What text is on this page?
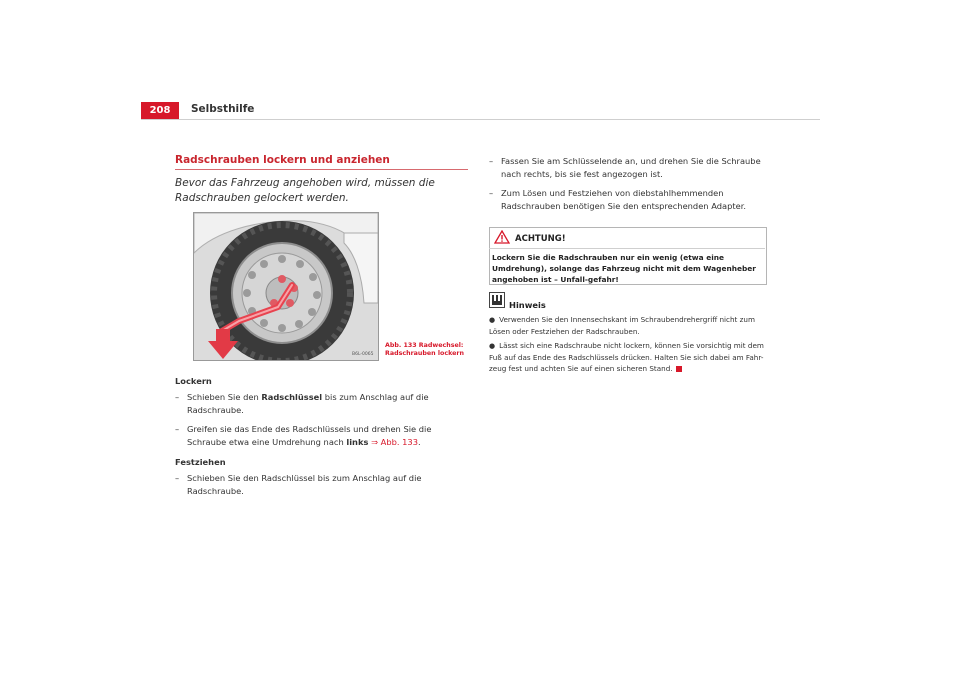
208	Selbsthilfe
Radschrauben lockern und anziehen
Bevor das Fahrzeug angehoben wird, müssen die Radschrauben gelockert werden.
B6L-0065
Abb. 133 Radwechsel:
Radschrauben lockern
Lockern
– Schieben Sie den Radschlüssel bis zum Anschlag auf die Radschraube.
– Greifen sie das Ende des Radschlüssels und drehen Sie die Schraube etwa eine Umdrehung nach links ⇒ Abb. 133.
Festziehen
– Schieben Sie den Radschlüssel bis zum Anschlag auf die Radschraube.
– Fassen Sie am Schlüsselende an, und drehen Sie die Schraube nach rechts, bis sie fest angezogen ist.
– Zum Lösen und Festziehen von diebstahlhemmenden Radschrauben benötigen Sie den entsprechenden Adapter.
ACHTUNG!
Lockern Sie die Radschrauben nur ein wenig (etwa eine Umdrehung), solange das Fahrzeug nicht mit dem Wagenheber angehoben ist – Unfall-gefahr!
Hinweis
● Verwenden Sie den Innensechskant im Schraubendrehergriff nicht zum Lösen oder Festziehen der Radschrauben.
● Lässt sich eine Radschraube nicht lockern, können Sie vorsichtig mit dem Fuß auf das Ende des Radschlüssels drücken. Halten Sie sich dabei am Fahr-zeug fest und achten Sie auf einen sicheren Stand.
